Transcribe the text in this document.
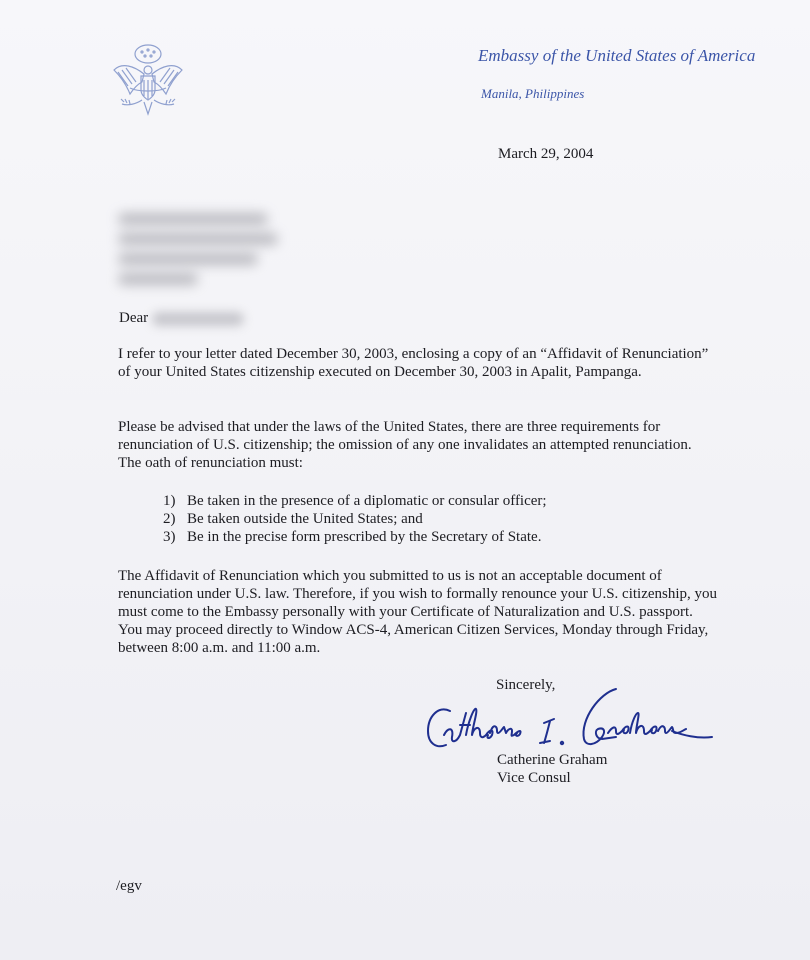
Embassy of the United States of America
Manila, Philippines
March 29, 2004
Dear

I refer to your letter dated December 30, 2003, enclosing a copy of an “Affidavit of Renunciation” of your United States citizenship executed on December 30, 2003 in Apalit, Pampanga.

Please be advised that under the laws of the United States, there are three requirements for renunciation of U.S. citizenship; the omission of any one invalidates an attempted renunciation. The oath of renunciation must:

1) Be taken in the presence of a diplomatic or consular officer;
2) Be taken outside the United States; and
3) Be in the precise form prescribed by the Secretary of State.

The Affidavit of Renunciation which you submitted to us is not an acceptable document of renunciation under U.S. law. Therefore, if you wish to formally renounce your U.S. citizenship, you must come to the Embassy personally with your Certificate of Naturalization and U.S. passport. You may proceed directly to Window ACS-4, American Citizen Services, Monday through Friday, between 8:00 a.m. and 11:00 a.m.

Sincerely,
Catherine Graham
Vice Consul
/egv
